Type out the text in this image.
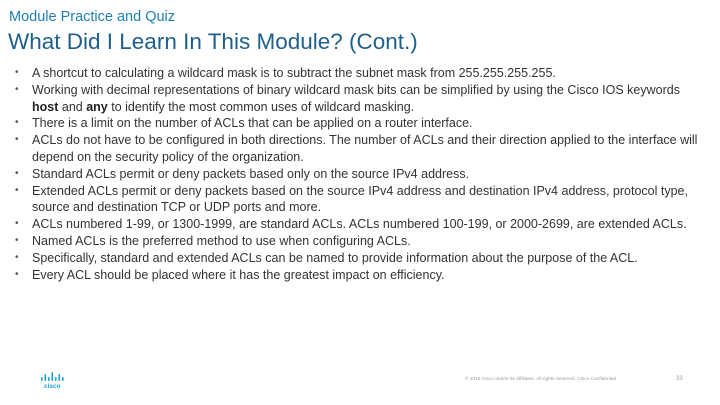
Module Practice and Quiz
What Did I Learn In This Module? (Cont.)
•	A shortcut to calculating a wildcard mask is to subtract the subnet mask from 255.255.255.255.
•	Working with decimal representations of binary wildcard mask bits can be simplified by using the Cisco IOS keywords host and any to identify the most common uses of wildcard masking.
•	There is a limit on the number of ACLs that can be applied on a router interface.
•	ACLs do not have to be configured in both directions. The number of ACLs and their direction applied to the interface will depend on the security policy of the organization.
•	Standard ACLs permit or deny packets based only on the source IPv4 address.
•	Extended ACLs permit or deny packets based on the source IPv4 address and destination IPv4 address, protocol type, source and destination TCP or UDP ports and more.
•	ACLs numbered 1-99, or 1300-1999, are standard ACLs. ACLs numbered 100-199, or 2000-2699, are extended ACLs.
•	Named ACLs is the preferred method to use when configuring ACLs.
•	Specifically, standard and extended ACLs can be named to provide information about the purpose of the ACL.
•	Every ACL should be placed where it has the greatest impact on efficiency.
cisco
© 2016 Cisco and/or its affiliates. All rights reserved. Cisco Confidential	33
